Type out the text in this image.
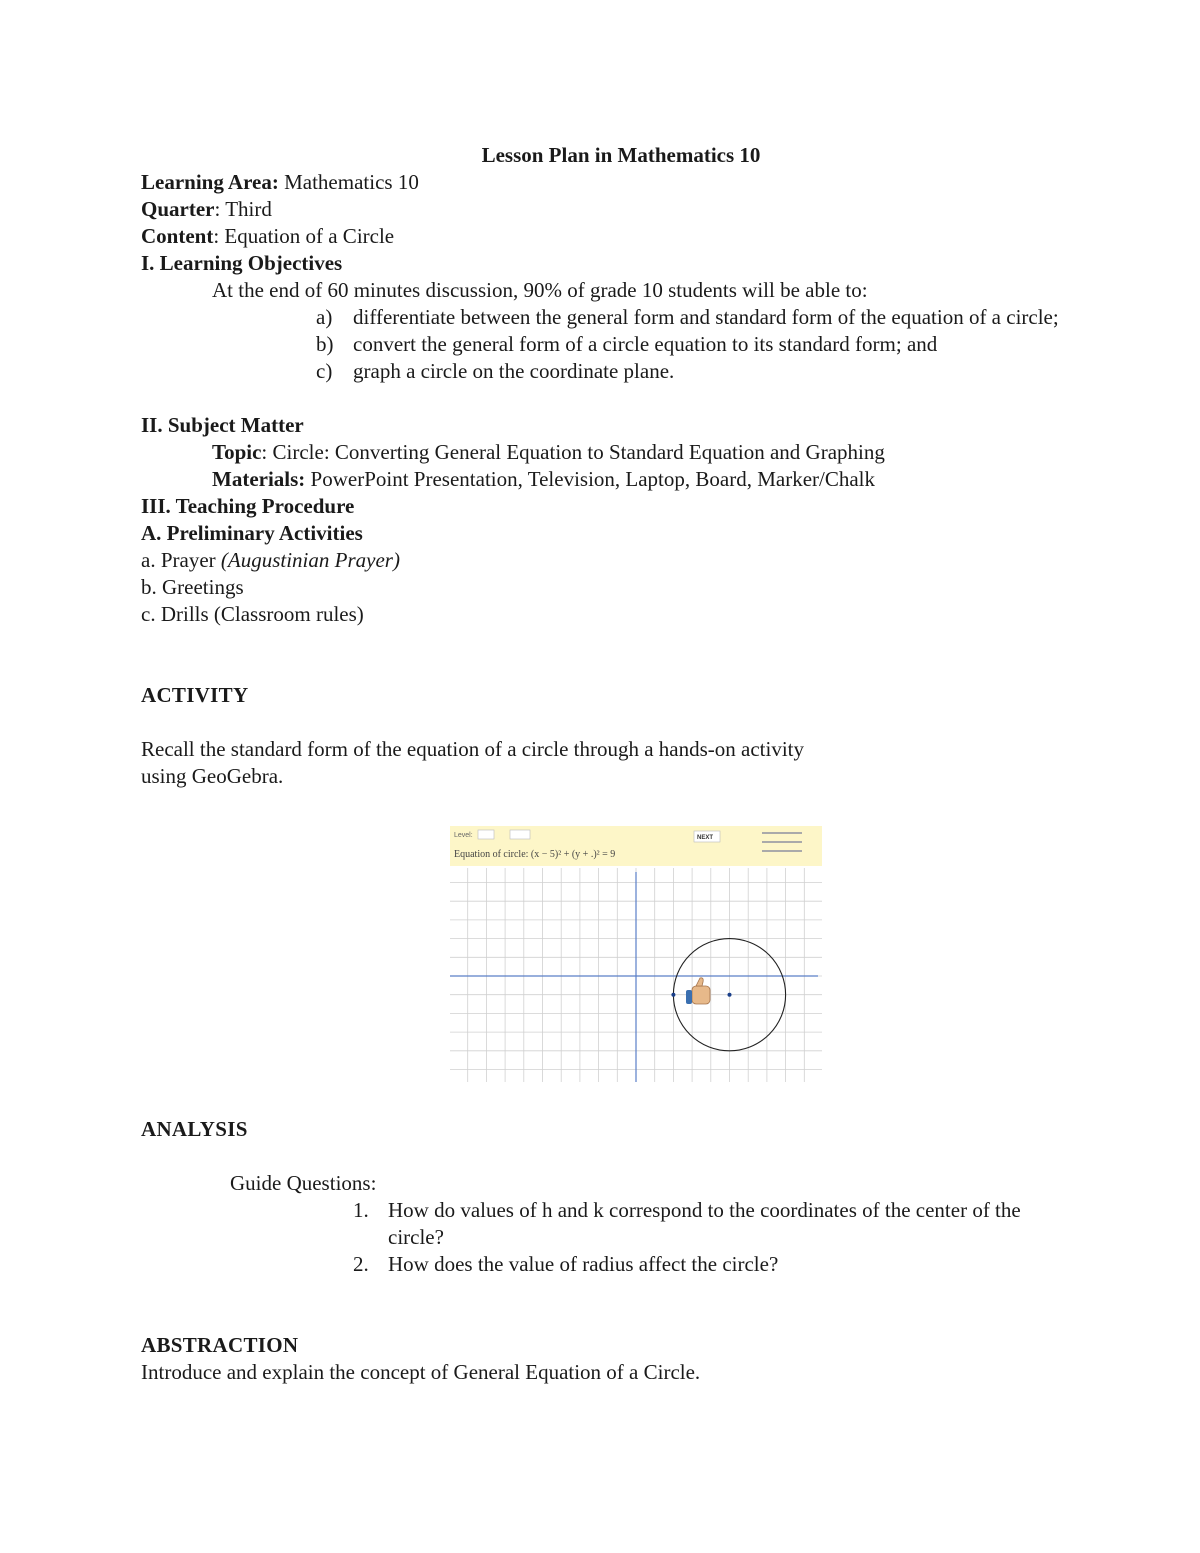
Lesson Plan in Mathematics 10

Learning Area: Mathematics 10

Quarter: Third

Content: Equation of a Circle

I. Learning Objectives

At the end of 60 minutes discussion, 90% of grade 10 students will be able to:

a) differentiate between the general form and standard form of the equation of a circle;
b) convert the general form of a circle equation to its standard form; and
c) graph a circle on the coordinate plane.

II. Subject Matter

Topic: Circle: Converting General Equation to Standard Equation and Graphing

Materials: PowerPoint Presentation, Television, Laptop, Board, Marker/Chalk

III. Teaching Procedure

A. Preliminary Activities

a. Prayer (Augustinian Prayer)

b. Greetings

c. Drills (Classroom rules)

ACTIVITY

Recall the standard form of the equation of a circle through a hands-on activity

using GeoGebra.

Level:	NEXT
Equation of circle: (x − 5)² + (y + .)² = 9

ANALYSIS

Guide Questions:

1. How do values of h and k correspond to the coordinates of the center of the circle?
2. How does the value of radius affect the circle?

ABSTRACTION

Introduce and explain the concept of General Equation of a Circle.
